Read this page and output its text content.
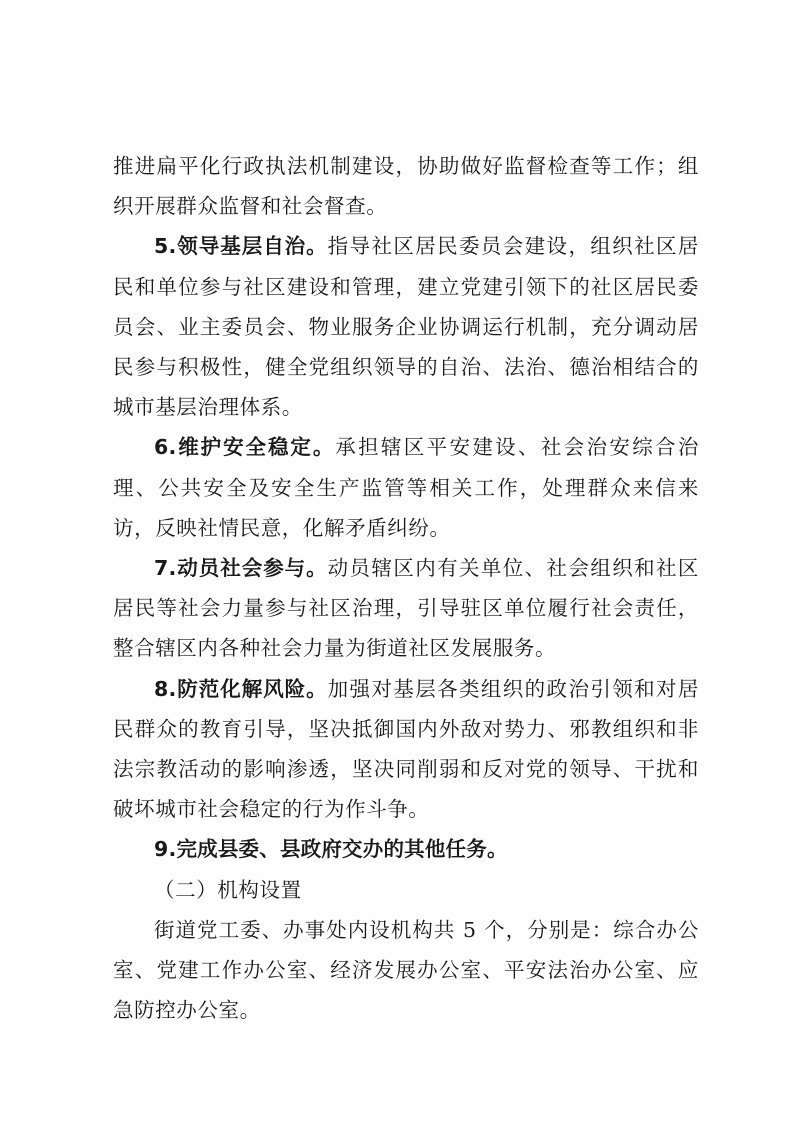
推进扁平化行政执法机制建设，协助做好监督检查等工作；组织开展群众监督和社会督查。

5.领导基层自治。指导社区居民委员会建设，组织社区居民和单位参与社区建设和管理，建立党建引领下的社区居民委员会、业主委员会、物业服务企业协调运行机制，充分调动居民参与积极性，健全党组织领导的自治、法治、德治相结合的城市基层治理体系。

6.维护安全稳定。承担辖区平安建设、社会治安综合治理、公共安全及安全生产监管等相关工作，处理群众来信来访，反映社情民意，化解矛盾纠纷。

7.动员社会参与。动员辖区内有关单位、社会组织和社区居民等社会力量参与社区治理，引导驻区单位履行社会责任，整合辖区内各种社会力量为街道社区发展服务。

8.防范化解风险。加强对基层各类组织的政治引领和对居民群众的教育引导，坚决抵御国内外敌对势力、邪教组织和非法宗教活动的影响渗透，坚决同削弱和反对党的领导、干扰和破坏城市社会稳定的行为作斗争。

9.完成县委、县政府交办的其他任务。

（二）机构设置

街道党工委、办事处内设机构共 5 个，分别是：综合办公室、党建工作办公室、经济发展办公室、平安法治办公室、应急防控办公室。
